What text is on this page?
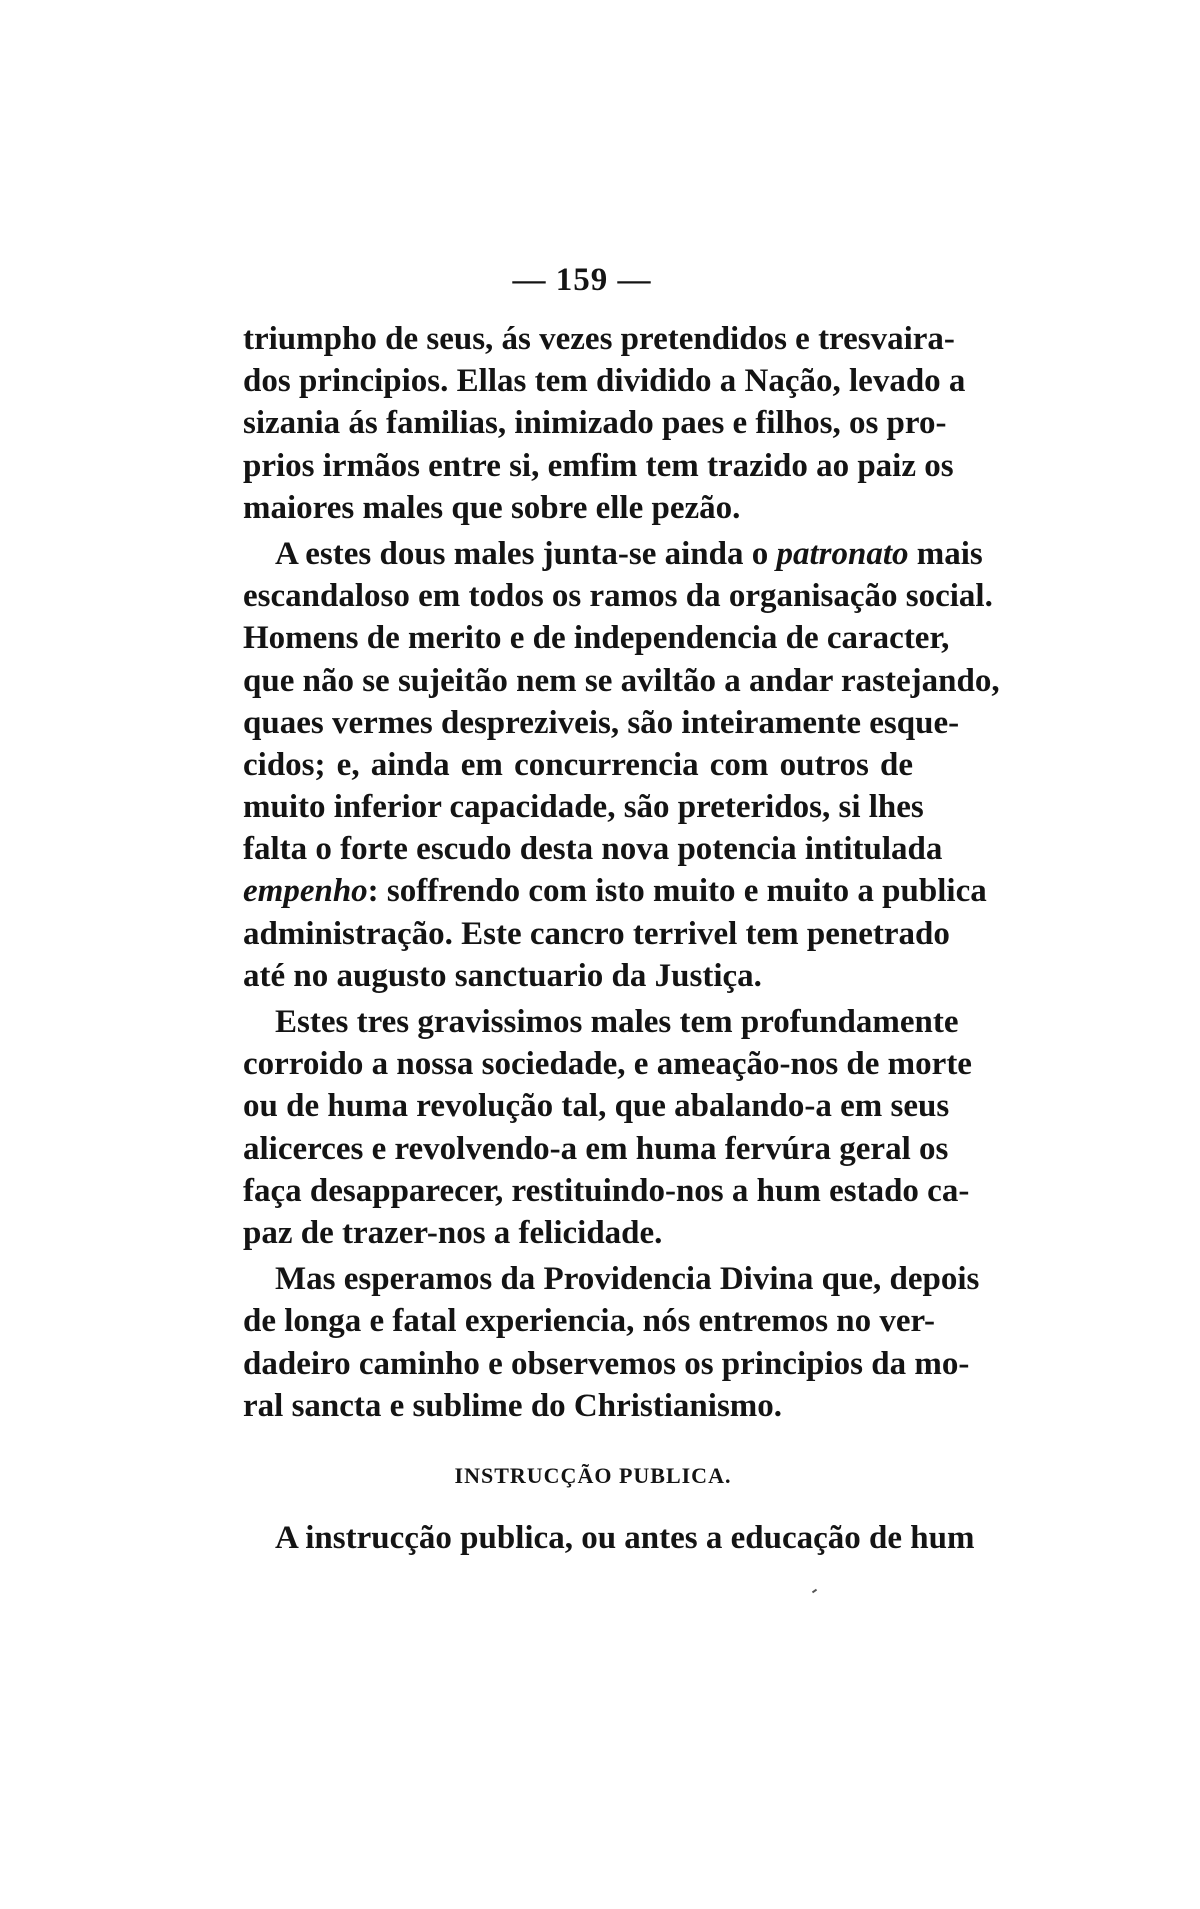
— 159 —
triumpho de seus, ás vezes pretendidos e tresvaira-
dos principios. Ellas tem dividido a Nação, levado a
sizania ás familias, inimizado paes e filhos, os pro-
prios irmãos entre si, emfim tem trazido ao paiz os
maiores males que sobre elle pezão.
A estes dous males junta-se ainda o patronato mais
escandaloso em todos os ramos da organisação social.
Homens de merito e de independencia de caracter,
que não se sujeitão nem se aviltão a andar rastejando,
quaes vermes despreziveis, são inteiramente esque-
cidos; e, ainda em concurrencia com outros de
muito inferior capacidade, são preteridos, si lhes
falta o forte escudo desta nova potencia intitulada
empenho: soffrendo com isto muito e muito a publica
administração. Este cancro terrivel tem penetrado
até no augusto sanctuario da Justiça.
Estes tres gravissimos males tem profundamente
corroido a nossa sociedade, e ameação-nos de morte
ou de huma revolução tal, que abalando-a em seus
alicerces e revolvendo-a em huma fervúra geral os
faça desapparecer, restituindo-nos a hum estado ca-
paz de trazer-nos a felicidade.
Mas esperamos da Providencia Divina que, depois
de longa e fatal experiencia, nós entremos no ver-
dadeiro caminho e observemos os principios da mo-
ral sancta e sublime do Christianismo.
INSTRUCÇÃO PUBLICA.
A instrucção publica, ou antes a educação de hum
